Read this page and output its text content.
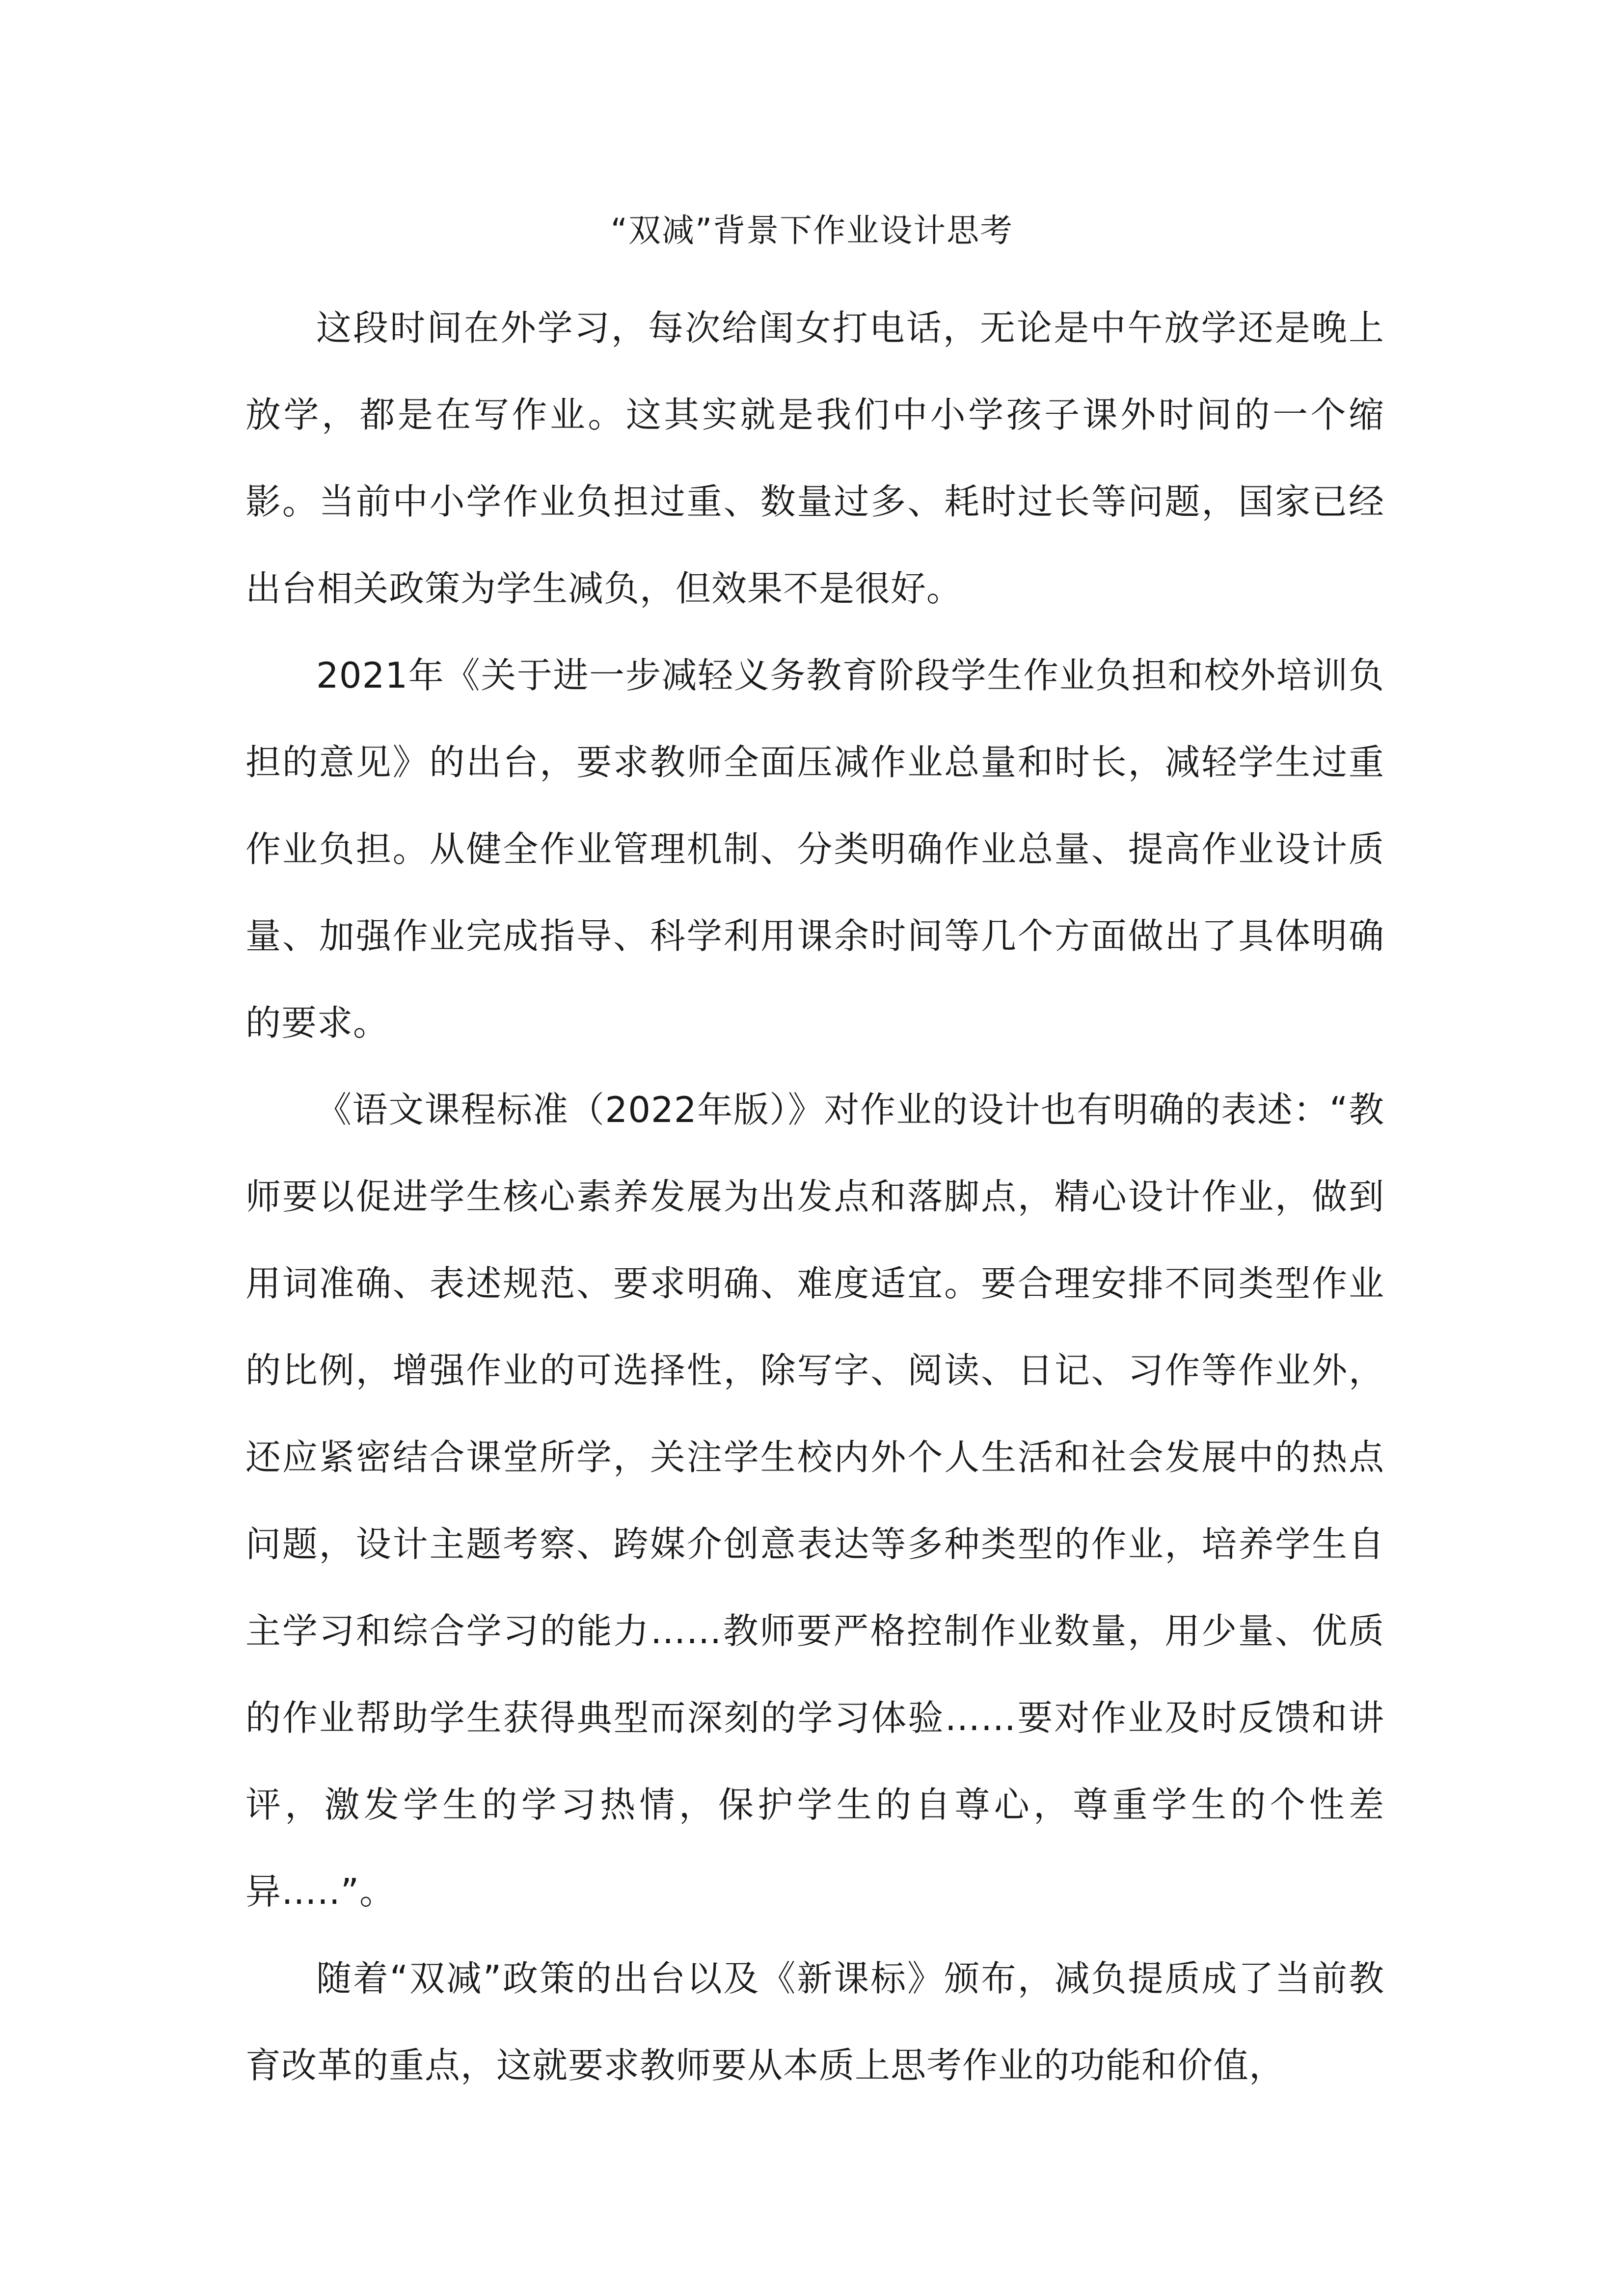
“双减”背景下作业设计思考

这段时间在外学习，每次给闺女打电话，无论是中午放学还是晚上放学，都是在写作业。这其实就是我们中小学孩子课外时间的一个缩影。当前中小学作业负担过重、数量过多、耗时过长等问题，国家已经出台相关政策为学生减负，但效果不是很好。

2021年《关于进一步减轻义务教育阶段学生作业负担和校外培训负担的意见》的出台，要求教师全面压减作业总量和时长，减轻学生过重作业负担。从健全作业管理机制、分类明确作业总量、提高作业设计质量、加强作业完成指导、科学利用课余时间等几个方面做出了具体明确的要求。

《语文课程标准（2022年版）》对作业的设计也有明确的表述：“教师要以促进学生核心素养发展为出发点和落脚点，精心设计作业，做到用词准确、表述规范、要求明确、难度适宜。要合理安排不同类型作业的比例，增强作业的可选择性，除写字、阅读、日记、习作等作业外，还应紧密结合课堂所学，关注学生校内外个人生活和社会发展中的热点问题，设计主题考察、跨媒介创意表达等多种类型的作业，培养学生自主学习和综合学习的能力……教师要严格控制作业数量，用少量、优质的作业帮助学生获得典型而深刻的学习体验……要对作业及时反馈和讲评，激发学生的学习热情，保护学生的自尊心，尊重学生的个性差异…..”。

随着“双减”政策的出台以及《新课标》颁布，减负提质成了当前教育改革的重点，这就要求教师要从本质上思考作业的功能和价值，
